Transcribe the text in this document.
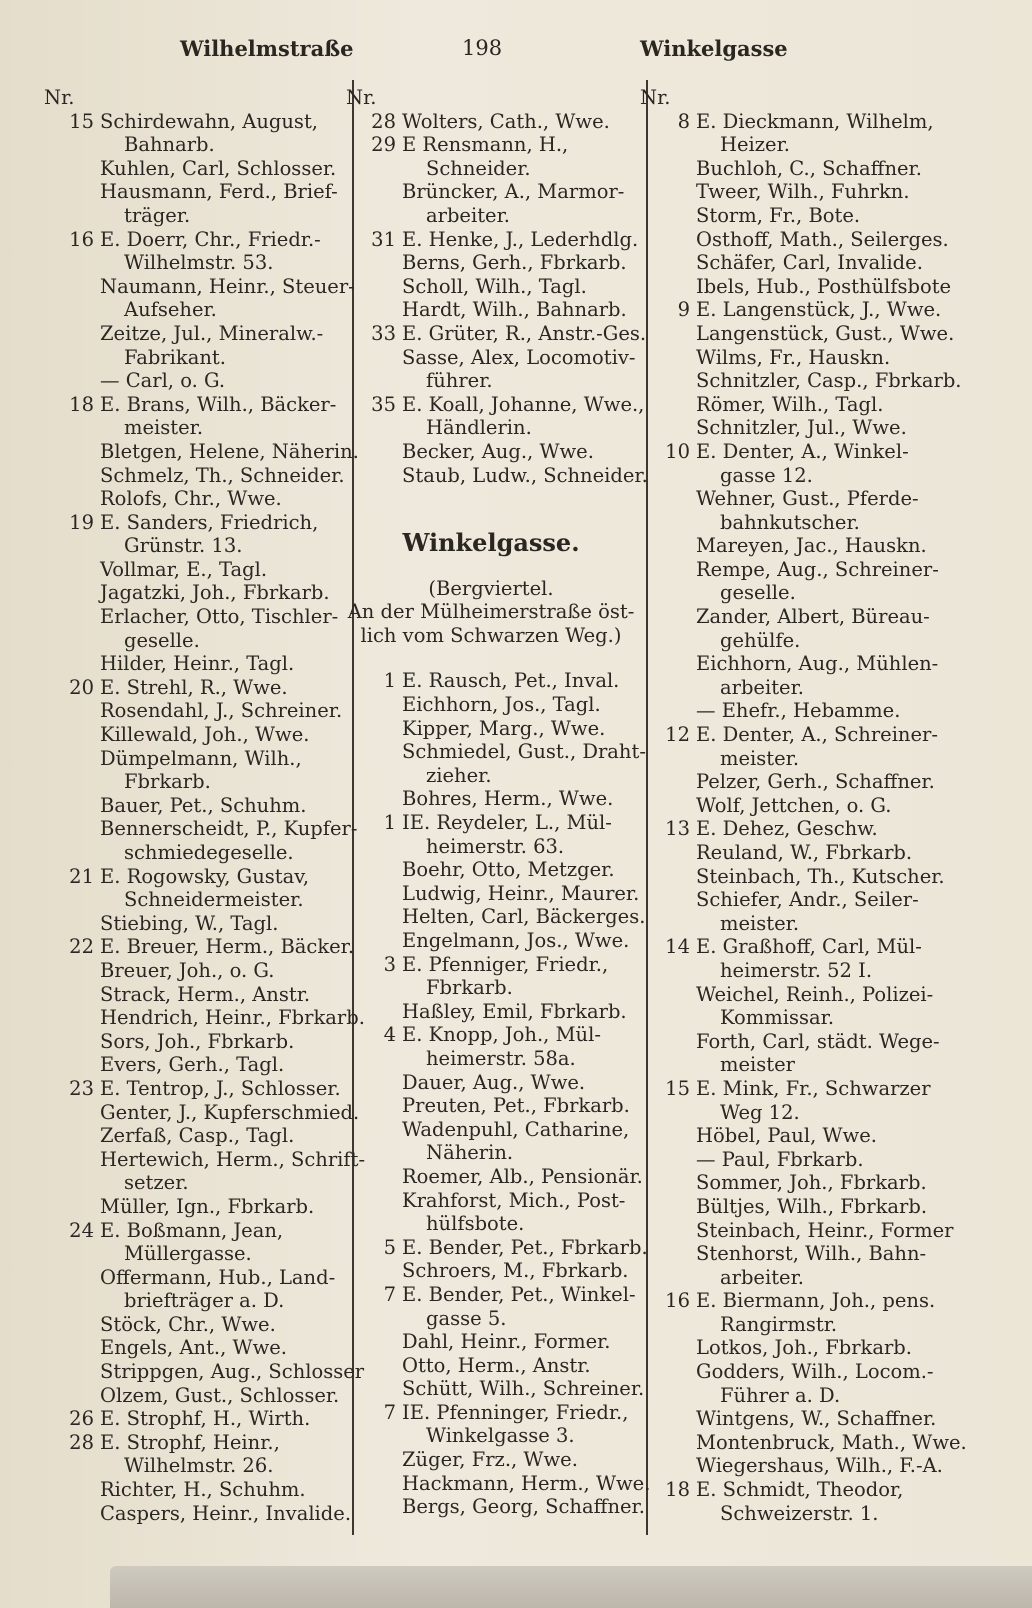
Wilhelmstraße	198	Winkelgasse
Nr.
15 Schirdewahn, August,
Bahnarb.
Kuhlen, Carl, Schlosser.
Hausmann, Ferd., Brief-
träger.
16 E. Doerr, Chr., Friedr.-
Wilhelmstr. 53.
Naumann, Heinr., Steuer-
Aufseher.
Zeitze, Jul., Mineralw.-
Fabrikant.
— Carl, o. G.
18 E. Brans, Wilh., Bäcker-
meister.
Bletgen, Helene, Näherin.
Schmelz, Th., Schneider.
Rolofs, Chr., Wwe.
19 E. Sanders, Friedrich,
Grünstr. 13.
Vollmar, E., Tagl.
Jagatzki, Joh., Fbrkarb.
Erlacher, Otto, Tischler-
geselle.
Hilder, Heinr., Tagl.
20 E. Strehl, R., Wwe.
Rosendahl, J., Schreiner.
Killewald, Joh., Wwe.
Dümpelmann, Wilh.,
Fbrkarb.
Bauer, Pet., Schuhm.
Bennerscheidt, P., Kupfer-
schmiedegeselle.
21 E. Rogowsky, Gustav,
Schneidermeister.
Stiebing, W., Tagl.
22 E. Breuer, Herm., Bäcker.
Breuer, Joh., o. G.
Strack, Herm., Anstr.
Hendrich, Heinr., Fbrkarb.
Sors, Joh., Fbrkarb.
Evers, Gerh., Tagl.
23 E. Tentrop, J., Schlosser.
Genter, J., Kupferschmied.
Zerfaß, Casp., Tagl.
Hertewich, Herm., Schrift-
setzer.
Müller, Ign., Fbrkarb.
24 E. Boßmann, Jean,
Müllergasse.
Offermann, Hub., Land-
briefträger a. D.
Stöck, Chr., Wwe.
Engels, Ant., Wwe.
Strippgen, Aug., Schlosser
Olzem, Gust., Schlosser.
26 E. Strophf, H., Wirth.
28 E. Strophf, Heinr.,
Wilhelmstr. 26.
Richter, H., Schuhm.
Caspers, Heinr., Invalide.
Nr.
28 Wolters, Cath., Wwe.
29 E Rensmann, H.,
Schneider.
Brüncker, A., Marmor-
arbeiter.
31 E. Henke, J., Lederhdlg.
Berns, Gerh., Fbrkarb.
Scholl, Wilh., Tagl.
Hardt, Wilh., Bahnarb.
33 E. Grüter, R., Anstr.-Ges.
Sasse, Alex, Locomotiv-
führer.
35 E. Koall, Johanne, Wwe.,
Händlerin.
Becker, Aug., Wwe.
Staub, Ludw., Schneider.
Winkelgasse.
(Bergviertel.
An der Mülheimerstraße öst-
lich vom Schwarzen Weg.)
1 E. Rausch, Pet., Inval.
Eichhorn, Jos., Tagl.
Kipper, Marg., Wwe.
Schmiedel, Gust., Draht-
zieher.
Bohres, Herm., Wwe.
1 IE. Reydeler, L., Mül-
heimerstr. 63.
Boehr, Otto, Metzger.
Ludwig, Heinr., Maurer.
Helten, Carl, Bäckerges.
Engelmann, Jos., Wwe.
3 E. Pfenniger, Friedr.,
Fbrkarb.
Haßley, Emil, Fbrkarb.
4 E. Knopp, Joh., Mül-
heimerstr. 58a.
Dauer, Aug., Wwe.
Preuten, Pet., Fbrkarb.
Wadenpuhl, Catharine,
Näherin.
Roemer, Alb., Pensionär.
Krahforst, Mich., Post-
hülfsbote.
5 E. Bender, Pet., Fbrkarb.
Schroers, M., Fbrkarb.
7 E. Bender, Pet., Winkel-
gasse 5.
Dahl, Heinr., Former.
Otto, Herm., Anstr.
Schütt, Wilh., Schreiner.
7 IE. Pfenninger, Friedr.,
Winkelgasse 3.
Züger, Frz., Wwe.
Hackmann, Herm., Wwe.
Bergs, Georg, Schaffner.
Nr.
8 E. Dieckmann, Wilhelm,
Heizer.
Buchloh, C., Schaffner.
Tweer, Wilh., Fuhrkn.
Storm, Fr., Bote.
Osthoff, Math., Seilerges.
Schäfer, Carl, Invalide.
Ibels, Hub., Posthülfsbote
9 E. Langenstück, J., Wwe.
Langenstück, Gust., Wwe.
Wilms, Fr., Hauskn.
Schnitzler, Casp., Fbrkarb.
Römer, Wilh., Tagl.
Schnitzler, Jul., Wwe.
10 E. Denter, A., Winkel-
gasse 12.
Wehner, Gust., Pferde-
bahnkutscher.
Mareyen, Jac., Hauskn.
Rempe, Aug., Schreiner-
geselle.
Zander, Albert, Büreau-
gehülfe.
Eichhorn, Aug., Mühlen-
arbeiter.
— Ehefr., Hebamme.
12 E. Denter, A., Schreiner-
meister.
Pelzer, Gerh., Schaffner.
Wolf, Jettchen, o. G.
13 E. Dehez, Geschw.
Reuland, W., Fbrkarb.
Steinbach, Th., Kutscher.
Schiefer, Andr., Seiler-
meister.
14 E. Graßhoff, Carl, Mül-
heimerstr. 52 I.
Weichel, Reinh., Polizei-
Kommissar.
Forth, Carl, städt. Wege-
meister
15 E. Mink, Fr., Schwarzer
Weg 12.
Höbel, Paul, Wwe.
— Paul, Fbrkarb.
Sommer, Joh., Fbrkarb.
Bültjes, Wilh., Fbrkarb.
Steinbach, Heinr., Former
Stenhorst, Wilh., Bahn-
arbeiter.
16 E. Biermann, Joh., pens.
Rangirmstr.
Lotkos, Joh., Fbrkarb.
Godders, Wilh., Locom.-
Führer a. D.
Wintgens, W., Schaffner.
Montenbruck, Math., Wwe.
Wiegershaus, Wilh., F.-A.
18 E. Schmidt, Theodor,
Schweizerstr. 1.
